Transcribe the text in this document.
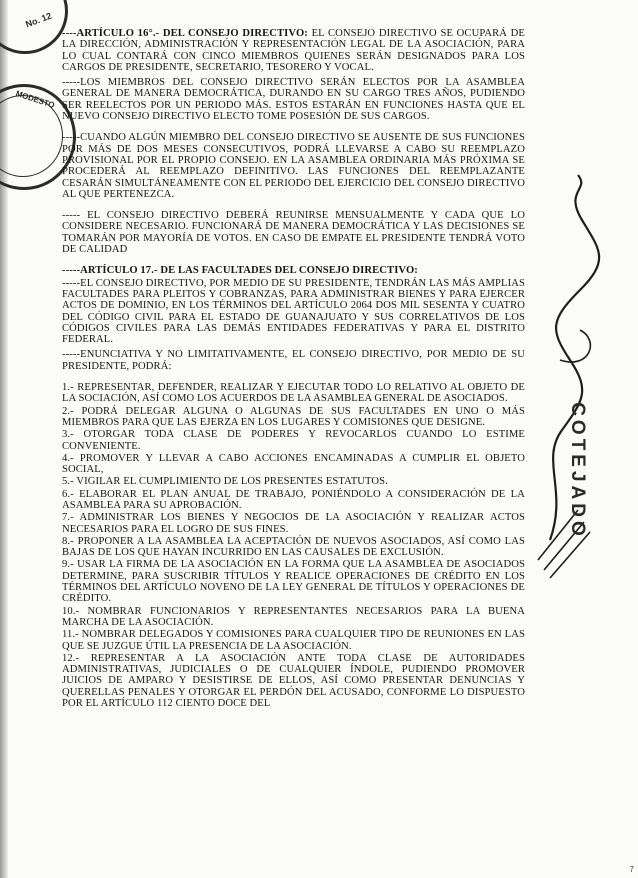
No. 12
MODESTO

----ARTÍCULO 16°.- DEL CONSEJO DIRECTIVO: EL CONSEJO DIRECTIVO SE OCUPARÁ DE LA DIRECCIÓN, ADMINISTRACIÓN Y REPRESENTACIÓN LEGAL DE LA ASOCIACIÓN, PARA LO CUAL CONTARÁ CON CINCO MIEMBROS QUIENES SERÁN DESIGNADOS PARA LOS CARGOS DE PRESIDENTE, SECRETARIO, TESORERO Y VOCAL.

-----LOS MIEMBROS DEL CONSEJO DIRECTIVO SERÁN ELECTOS POR LA ASAMBLEA GENERAL DE MANERA DEMOCRÁTICA, DURANDO EN SU CARGO TRES AÑOS, PUDIENDO SER REELECTOS POR UN PERIODO MÁS. ESTOS ESTARÁN EN FUNCIONES HASTA QUE EL NUEVO CONSEJO DIRECTIVO ELECTO TOME POSESIÓN DE SUS CARGOS.

-----CUANDO ALGÚN MIEMBRO DEL CONSEJO DIRECTIVO SE AUSENTE DE SUS FUNCIONES POR MÁS DE DOS MESES CONSECUTIVOS, PODRÁ LLEVARSE A CABO SU REEMPLAZO PROVISIONAL POR EL PROPIO CONSEJO. EN LA ASAMBLEA ORDINARIA MÁS PRÓXIMA SE PROCEDERÁ AL REEMPLAZO DEFINITIVO. LAS FUNCIONES DEL REEMPLAZANTE CESARÁN SIMULTÁNEAMENTE CON EL PERIODO DEL EJERCICIO DEL CONSEJO DIRECTIVO AL QUE PERTENEZCA.

----- EL CONSEJO DIRECTIVO DEBERÁ REUNIRSE MENSUALMENTE Y CADA QUE LO CONSIDERE NECESARIO. FUNCIONARÁ DE MANERA DEMOCRÁTICA Y LAS DECISIONES SE TOMARÁN POR MAYORÍA DE VOTOS. EN CASO DE EMPATE EL PRESIDENTE TENDRÁ VOTO DE CALIDAD

-----ARTÍCULO 17.- DE LAS FACULTADES DEL CONSEJO DIRECTIVO:

-----EL CONSEJO DIRECTIVO, POR MEDIO DE SU PRESIDENTE, TENDRÁN LAS MÁS AMPLIAS FACULTADES PARA PLEITOS Y COBRANZAS, PARA ADMINISTRAR BIENES Y PARA EJERCER ACTOS DE DOMINIO, EN LOS TÉRMINOS DEL ARTÍCULO 2064 DOS MIL SESENTA Y CUATRO DEL CÓDIGO CIVIL PARA EL ESTADO DE GUANAJUATO Y SUS CORRELATIVOS DE LOS CÓDIGOS CIVILES PARA LAS DEMÁS ENTIDADES FEDERATIVAS Y PARA EL DISTRITO FEDERAL.

-----ENUNCIATIVA Y NO LIMITATIVAMENTE, EL CONSEJO DIRECTIVO, POR MEDIO DE SU PRESIDENTE, PODRÁ:

1.- REPRESENTAR, DEFENDER, REALIZAR Y EJECUTAR TODO LO RELATIVO AL OBJETO DE LA SOCIACIÓN, ASÍ COMO LOS ACUERDOS DE LA ASAMBLEA GENERAL DE ASOCIADOS.

2.- PODRÁ DELEGAR ALGUNA O ALGUNAS DE SUS FACULTADES EN UNO O MÁS MIEMBROS PARA QUE LAS EJERZA EN LOS LUGARES Y COMISIONES QUE DESIGNE.

3.- OTORGAR TODA CLASE DE PODERES Y REVOCARLOS CUANDO LO ESTIME CONVENIENTE.

4.- PROMOVER Y LLEVAR A CABO ACCIONES ENCAMINADAS A CUMPLIR EL OBJETO SOCIAL,

5.- VIGILAR EL CUMPLIMIENTO DE LOS PRESENTES ESTATUTOS.

6.- ELABORAR EL PLAN ANUAL DE TRABAJO, PONIÉNDOLO A CONSIDERACIÓN DE LA ASAMBLEA PARA SU APROBACIÓN.

7.- ADMINISTRAR LOS BIENES Y NEGOCIOS DE LA ASOCIACIÓN Y REALIZAR ACTOS NECESARIOS PARA EL LOGRO DE SUS FINES.

8.- PROPONER A LA ASAMBLEA LA ACEPTACIÓN DE NUEVOS ASOCIADOS, ASÍ COMO LAS BAJAS DE LOS QUE HAYAN INCURRIDO EN LAS CAUSALES DE EXCLUSIÓN.

9.- USAR LA FIRMA DE LA ASOCIACIÓN EN LA FORMA QUE LA ASAMBLEA DE ASOCIADOS DETERMINE, PARA SUSCRIBIR TÍTULOS Y REALICE OPERACIONES DE CRÉDITO EN LOS TÉRMINOS DEL ARTÍCULO NOVENO DE LA LEY GENERAL DE TÍTULOS Y OPERACIONES DE CRÉDITO.

10.- NOMBRAR FUNCIONARIOS Y REPRESENTANTES NECESARIOS PARA LA BUENA MARCHA DE LA ASOCIACIÓN.

11.- NOMBRAR DELEGADOS Y COMISIONES PARA CUALQUIER TIPO DE REUNIONES EN LAS QUE SE JUZGUE ÚTIL LA PRESENCIA DE LA ASOCIACIÓN.

12.- REPRESENTAR A LA ASOCIACIÓN ANTE TODA CLASE DE AUTORIDADES ADMINISTRATIVAS, JUDICIALES O DE CUALQUIER ÍNDOLE, PUDIENDO PROMOVER JUICIOS DE AMPARO Y DESISTIRSE DE ELLOS, ASÍ COMO PRESENTAR DENUNCIAS Y QUERELLAS PENALES Y OTORGAR EL PERDÓN DEL ACUSADO, CONFORME LO DISPUESTO POR EL ARTÍCULO 112 CIENTO DOCE DEL

COTEJADO
7
